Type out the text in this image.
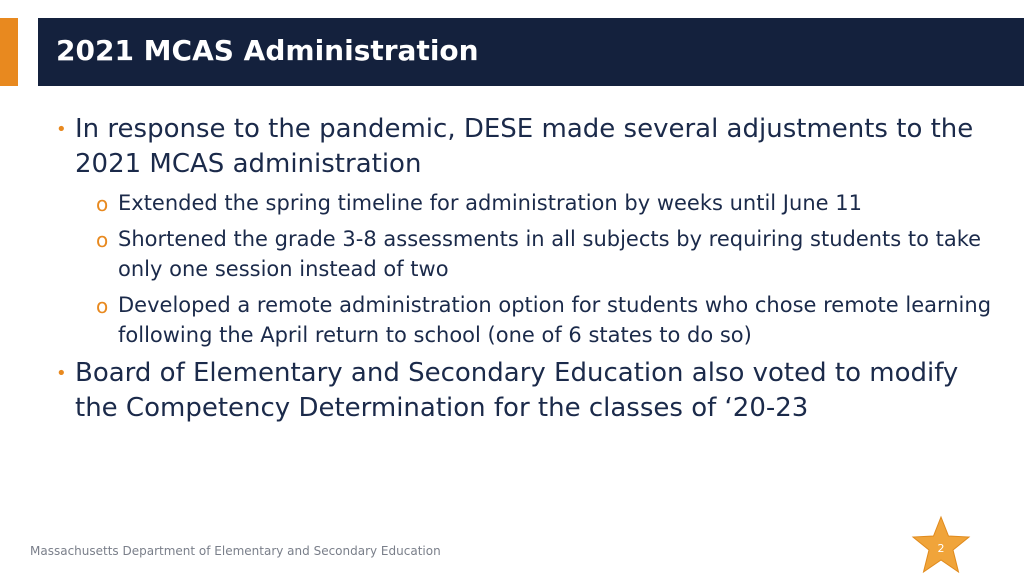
2021 MCAS Administration
• In response to the pandemic, DESE made several adjustments to the 2021 MCAS administration
o Extended the spring timeline for administration by weeks until June 11
o Shortened the grade 3-8 assessments in all subjects by requiring students to take only one session instead of two
o Developed a remote administration option for students who chose remote learning following the April return to school (one of 6 states to do so)
• Board of Elementary and Secondary Education also voted to modify the Competency Determination for the classes of ‘20-23
Massachusetts Department of Elementary and Secondary Education	2
